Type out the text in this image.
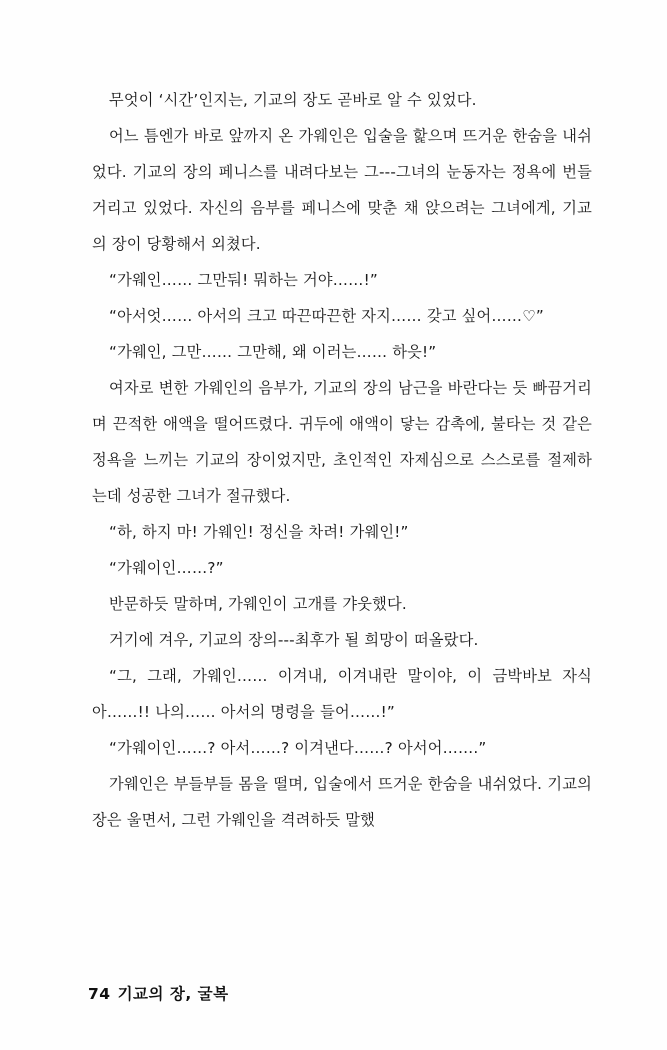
무엇이 ‘시간’인지는, 기교의 장도 곧바로 알 수 있었다.

어느 틈엔가 바로 앞까지 온 가웨인은 입술을 핥으며 뜨거운 한숨을 내쉬었다. 기교의 장의 페니스를 내려다보는 그---그녀의 눈동자는 정욕에 번들거리고 있었다. 자신의 음부를 페니스에 맞춘 채 앉으려는 그녀에게, 기교의 장이 당황해서 외쳤다.

“가웨인…… 그만둬! 뭐하는 거야……!”

“아서엇…… 아서의 크고 따끈따끈한 자지…… 갖고 싶어……♡”

“가웨인, 그만…… 그만해, 왜 이러는…… 하읏!”

여자로 변한 가웨인의 음부가, 기교의 장의 남근을 바란다는 듯 빠끔거리며 끈적한 애액을 떨어뜨렸다. 귀두에 애액이 닿는 감촉에, 불타는 것 같은 정욕을 느끼는 기교의 장이었지만, 초인적인 자제심으로 스스로를 절제하는데 성공한 그녀가 절규했다.

“하, 하지 마! 가웨인! 정신을 차려! 가웨인!”

“가웨이인……?”

반문하듯 말하며, 가웨인이 고개를 갸웃했다.

거기에 겨우, 기교의 장의---최후가 될 희망이 떠올랐다.

“그, 그래, 가웨인…… 이겨내, 이겨내란 말이야, 이 금박바보 자식아……!! 나의…… 아서의 명령을 들어……!”

“가웨이인……? 아서……? 이겨낸다……? 아서어…….”

가웨인은 부들부들 몸을 떨며, 입술에서 뜨거운 한숨을 내쉬었다. 기교의 장은 울면서, 그런 가웨인을 격려하듯 말했

74 기교의 장, 굴복
